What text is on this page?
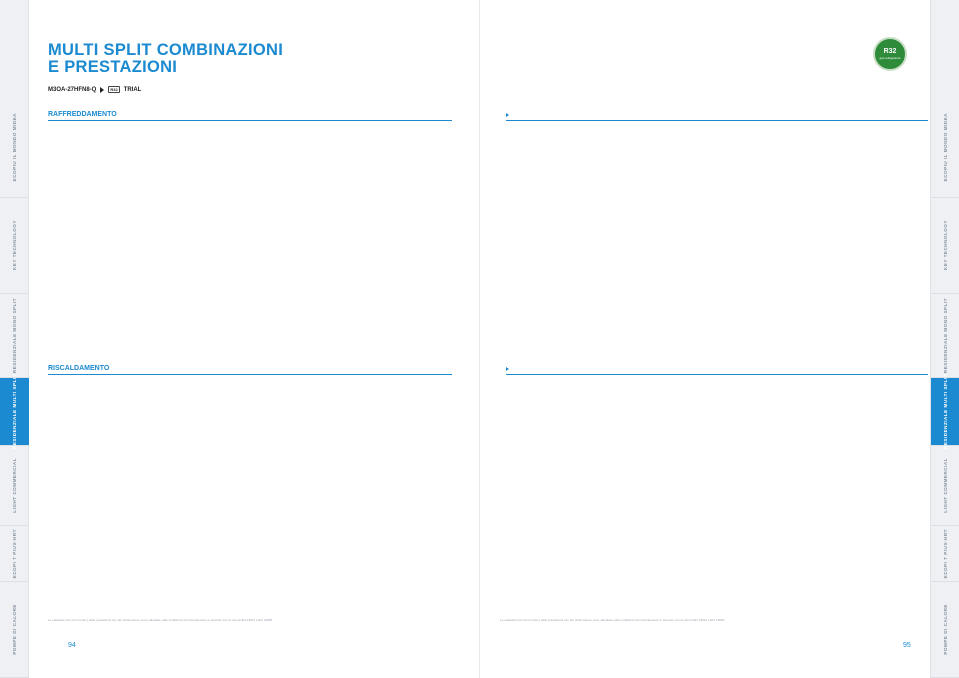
POMPE DI CALORE
ECOPI T PIUS·HRT
LIGHT COMMERCIAL
RESIDENZIALE MULTI SPLIT
RESIDENZIALE MONO SPLIT
KEY TECHNOLOGY
ECOPIU IL MONDO MIDEA
MULTI SPLIT COMBINAZIONI
E PRESTAZIONI
M3OA-27HFN8-Q	R32	TRIAL
RAFFREDDAMENTO
RISCALDAMENTO
Le capacità (min./nom./max.) delle prestazioni con più unità interne sono calcolate sulle condizioni di funzionamento in accordo con la norma EN 14511 e EN 14825.
94	POMPE DI CALORE
ECOPI T PIUS·HRT
LIGHT COMMERCIAL
RESIDENZIALE MULTI SPLIT
RESIDENZIALE MONO SPLIT
KEY TECHNOLOGY
ECOPIU IL MONDO MIDEA
Le capacità (min./nom./max.) delle prestazioni con più unità interne sono calcolate sulle condizioni di funzionamento in accordo con la norma EN 14511 e EN 14825.
95
R32
gas refrigerante
